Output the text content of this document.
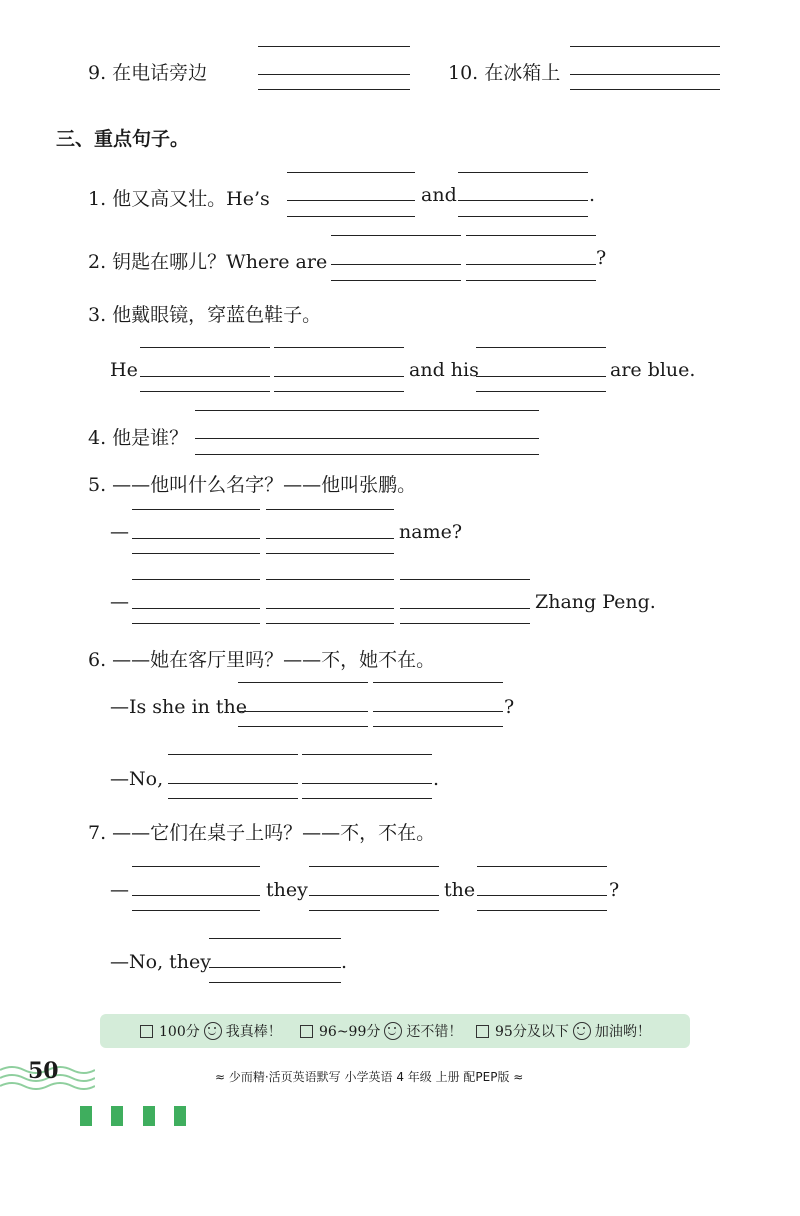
9. 在电话旁边	10. 在冰箱上
三、重点句子。
1. 他又高又壮。He’s	and	.
2. 钥匙在哪儿？Where are	?
3. 他戴眼镜，穿蓝色鞋子。
He	and his	are blue.
4. 他是谁？
5. ——他叫什么名字？——他叫张鹏。
—	name?
—	Zhang Peng.
6. ——她在客厅里吗？——不，她不在。
—Is she in the	?
—No,	.
7. ——它们在桌子上吗？——不，不在。
—	they	the	?
—No, they	.
100分 我真棒！	96~99分 还不错！ 95分及以下 加油哟！
50	≈ 少而精·活页英语默写 小学英语 4 年级 上册 配PEP版 ≈
